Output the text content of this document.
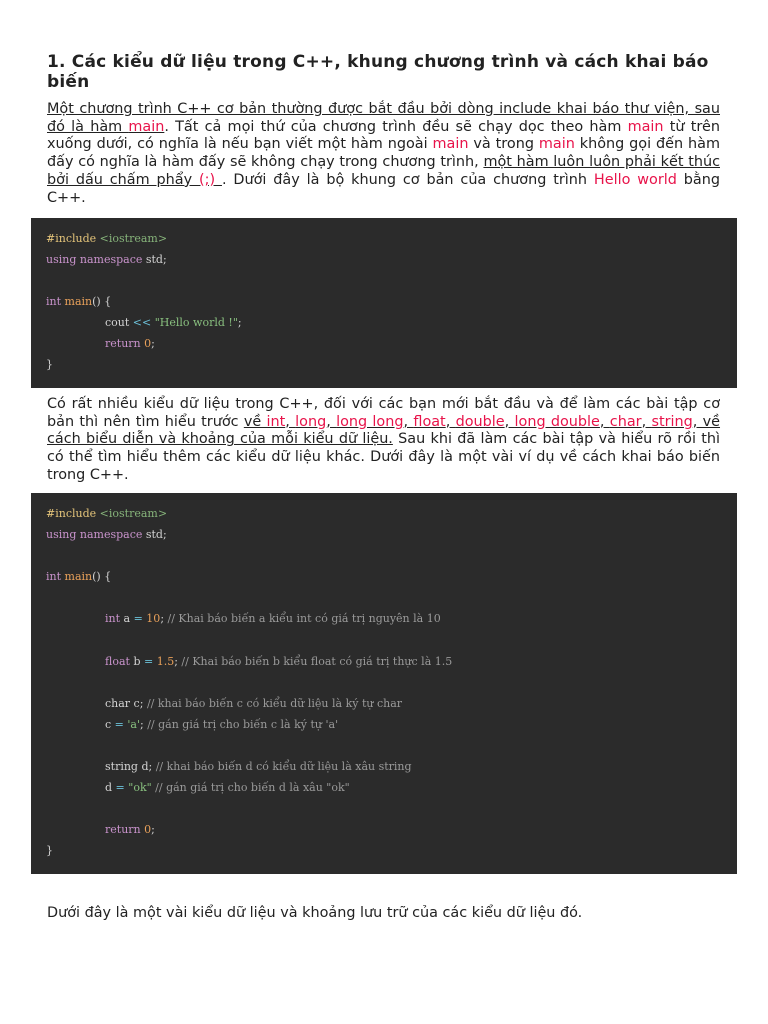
1. Các kiểu dữ liệu trong C++, khung chương trình và cách khai báo biến

Một chương trình C++ cơ bản thường được bắt đầu bởi dòng include khai báo thư viện, sau đó là hàm main. Tất cả mọi thứ của chương trình đều sẽ chạy dọc theo hàm main từ trên xuống dưới, có nghĩa là nếu bạn viết một hàm ngoài main và trong main không gọi đến hàm đấy có nghĩa là hàm đấy sẽ không chạy trong chương trình, một hàm luôn luôn phải kết thúc bởi dấu chấm phẩy (;) . Dưới đây là bộ khung cơ bản của chương trình Hello world bằng C++.

#include <iostream>
using namespace std;
int main() {
cout << "Hello world !";
return 0;
}

Có rất nhiều kiểu dữ liệu trong C++, đối với các bạn mới bắt đầu và để làm các bài tập cơ bản thì nên tìm hiểu trước về int, long, long long, float, double, long double, char, string, về cách biểu diễn và khoảng của mỗi kiểu dữ liệu. Sau khi đã làm các bài tập và hiểu rõ rồi thì có thể tìm hiểu thêm các kiểu dữ liệu khác. Dưới đây là một vài ví dụ về cách khai báo biến trong C++.

#include <iostream>
using namespace std;
int main() {
int a = 10; // Khai báo biến a kiểu int có giá trị nguyên là 10
float b = 1.5; // Khai báo biến b kiểu float có giá trị thực là 1.5
char c; // khai báo biến c có kiểu dữ liệu là ký tự char
c = 'a'; // gán giá trị cho biến c là ký tự 'a'
string d; // khai báo biến d có kiểu dữ liệu là xâu string
d = "ok" // gán giá trị cho biến d là xâu "ok"
return 0;
}

Dưới đây là một vài kiểu dữ liệu và khoảng lưu trữ của các kiểu dữ liệu đó.
